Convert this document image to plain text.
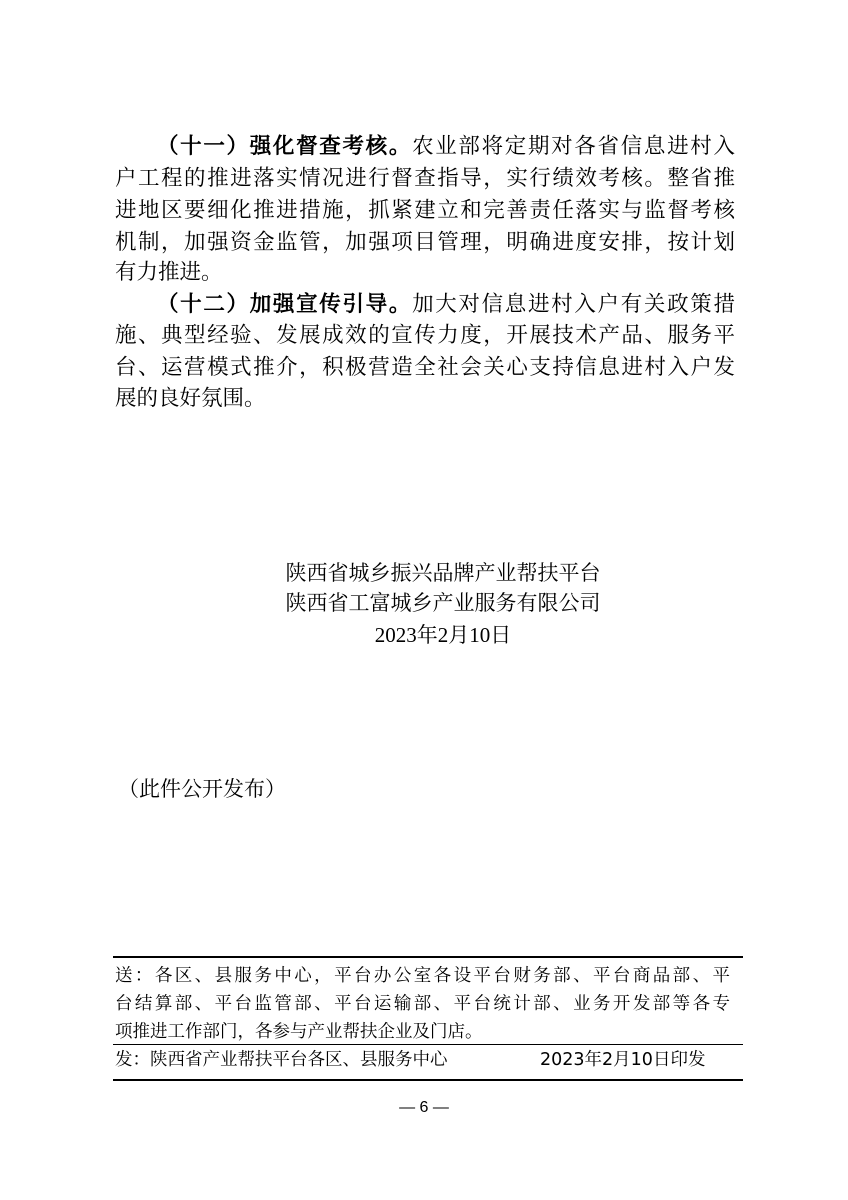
（十一）强化督查考核。农业部将定期对各省信息进村入
户工程的推进落实情况进行督查指导，实行绩效考核。整省推
进地区要细化推进措施，抓紧建立和完善责任落实与监督考核
机制，加强资金监管，加强项目管理，明确进度安排，按计划
有力推进。
（十二）加强宣传引导。加大对信息进村入户有关政策措
施、典型经验、发展成效的宣传力度，开展技术产品、服务平
台、运营模式推介，积极营造全社会关心支持信息进村入户发
展的良好氛围。
陕西省城乡振兴品牌产业帮扶平台
陕西省工富城乡产业服务有限公司
2023年2月10日
（此件公开发布）
送：各区、县服务中心，平台办公室各设平台财务部、平台商品部、平
台结算部、平台监管部、平台运输部、平台统计部、业务开发部等各专
项推进工作部门，各参与产业帮扶企业及门店。
发：陕西省产业帮扶平台各区、县服务中心	2023年2月10日印发
— 6 —
